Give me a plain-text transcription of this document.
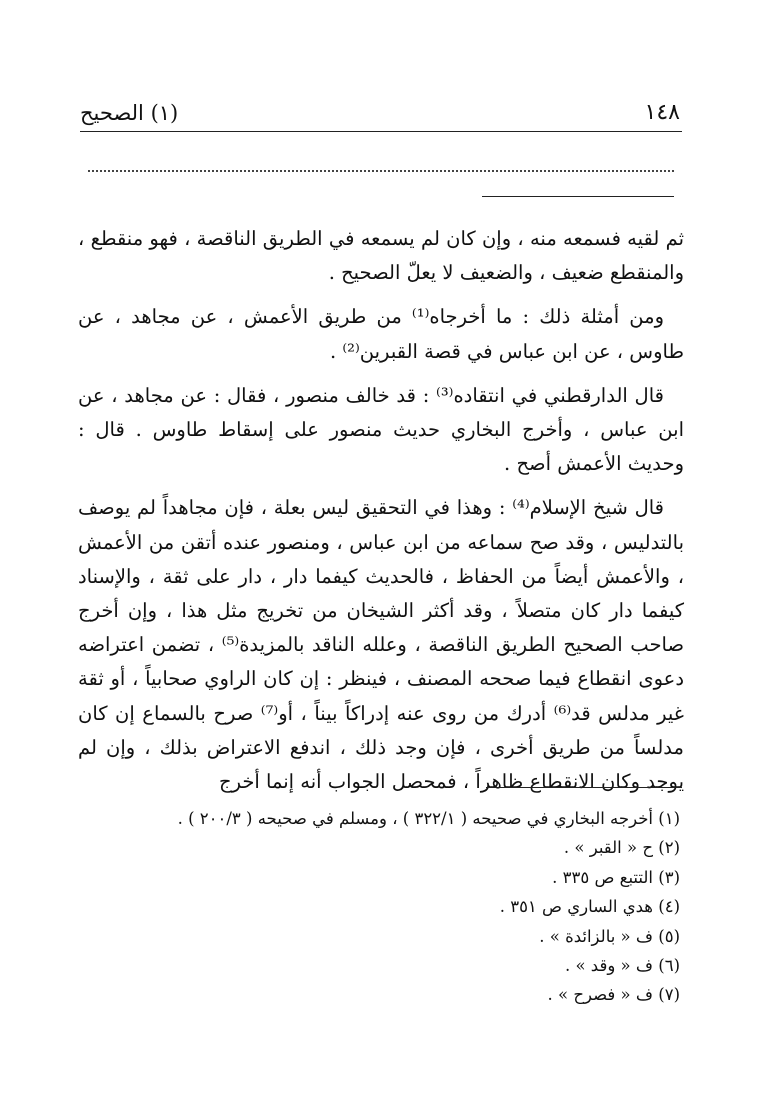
١٤٨
(١) الصحيح

ثم لقيه فسمعه منه ، وإن كان لم يسمعه في الطريق الناقصة ، فهو منقطع ، والمنقطع ضعيف ، والضعيف لا يعلّ الصحيح .

ومن أمثلة ذلك : ما أخرجاه⁽¹⁾ من طريق الأعمش ، عن مجاهد ، عن طاوس ، عن ابن عباس في قصة القبرين⁽²⁾ .

قال الدارقطني في انتقاده⁽³⁾ : قد خالف منصور ، فقال : عن مجاهد ، عن ابن عباس ، وأخرج البخاري حديث منصور على إسقاط طاوس . قال : وحديث الأعمش أصح .

قال شيخ الإسلام⁽⁴⁾ : وهذا في التحقيق ليس بعلة ، فإن مجاهداً لم يوصف بالتدليس ، وقد صح سماعه من ابن عباس ، ومنصور عنده أتقن من الأعمش ، والأعمش أيضاً من الحفاظ ، فالحديث كيفما دار ، دار على ثقة ، والإسناد كيفما دار كان متصلاً ، وقد أكثر الشيخان من تخريج مثل هذا ، وإن أخرج صاحب الصحيح الطريق الناقصة ، وعلله الناقد بالمزيدة⁽⁵⁾ ، تضمن اعتراضه دعوى انقطاع فيما صححه المصنف ، فينظر : إن كان الراوي صحابياً ، أو ثقة غير مدلس قد⁽⁶⁾ أدرك من روى عنه إدراكاً بيناً ، أو⁽⁷⁾ صرح بالسماع إن كان مدلساً من طريق أخرى ، فإن وجد ذلك ، اندفع الاعتراض بذلك ، وإن لم يوجد وكان الانقطاع ظاهراً ، فمحصل الجواب أنه إنما أخرج

(١) أخرجه البخاري في صحيحه ( ٣٢٢/١ ) ، ومسلم في صحيحه ( ٢٠٠/٣ ) .
(٢) ح « القبر » .
(٣) التتبع ص ٣٣٥ .
(٤) هدي الساري ص ٣٥١ .
(٥) ف « بالزائدة » .
(٦) ف « وقد » .
(٧) ف « فصرح » .
